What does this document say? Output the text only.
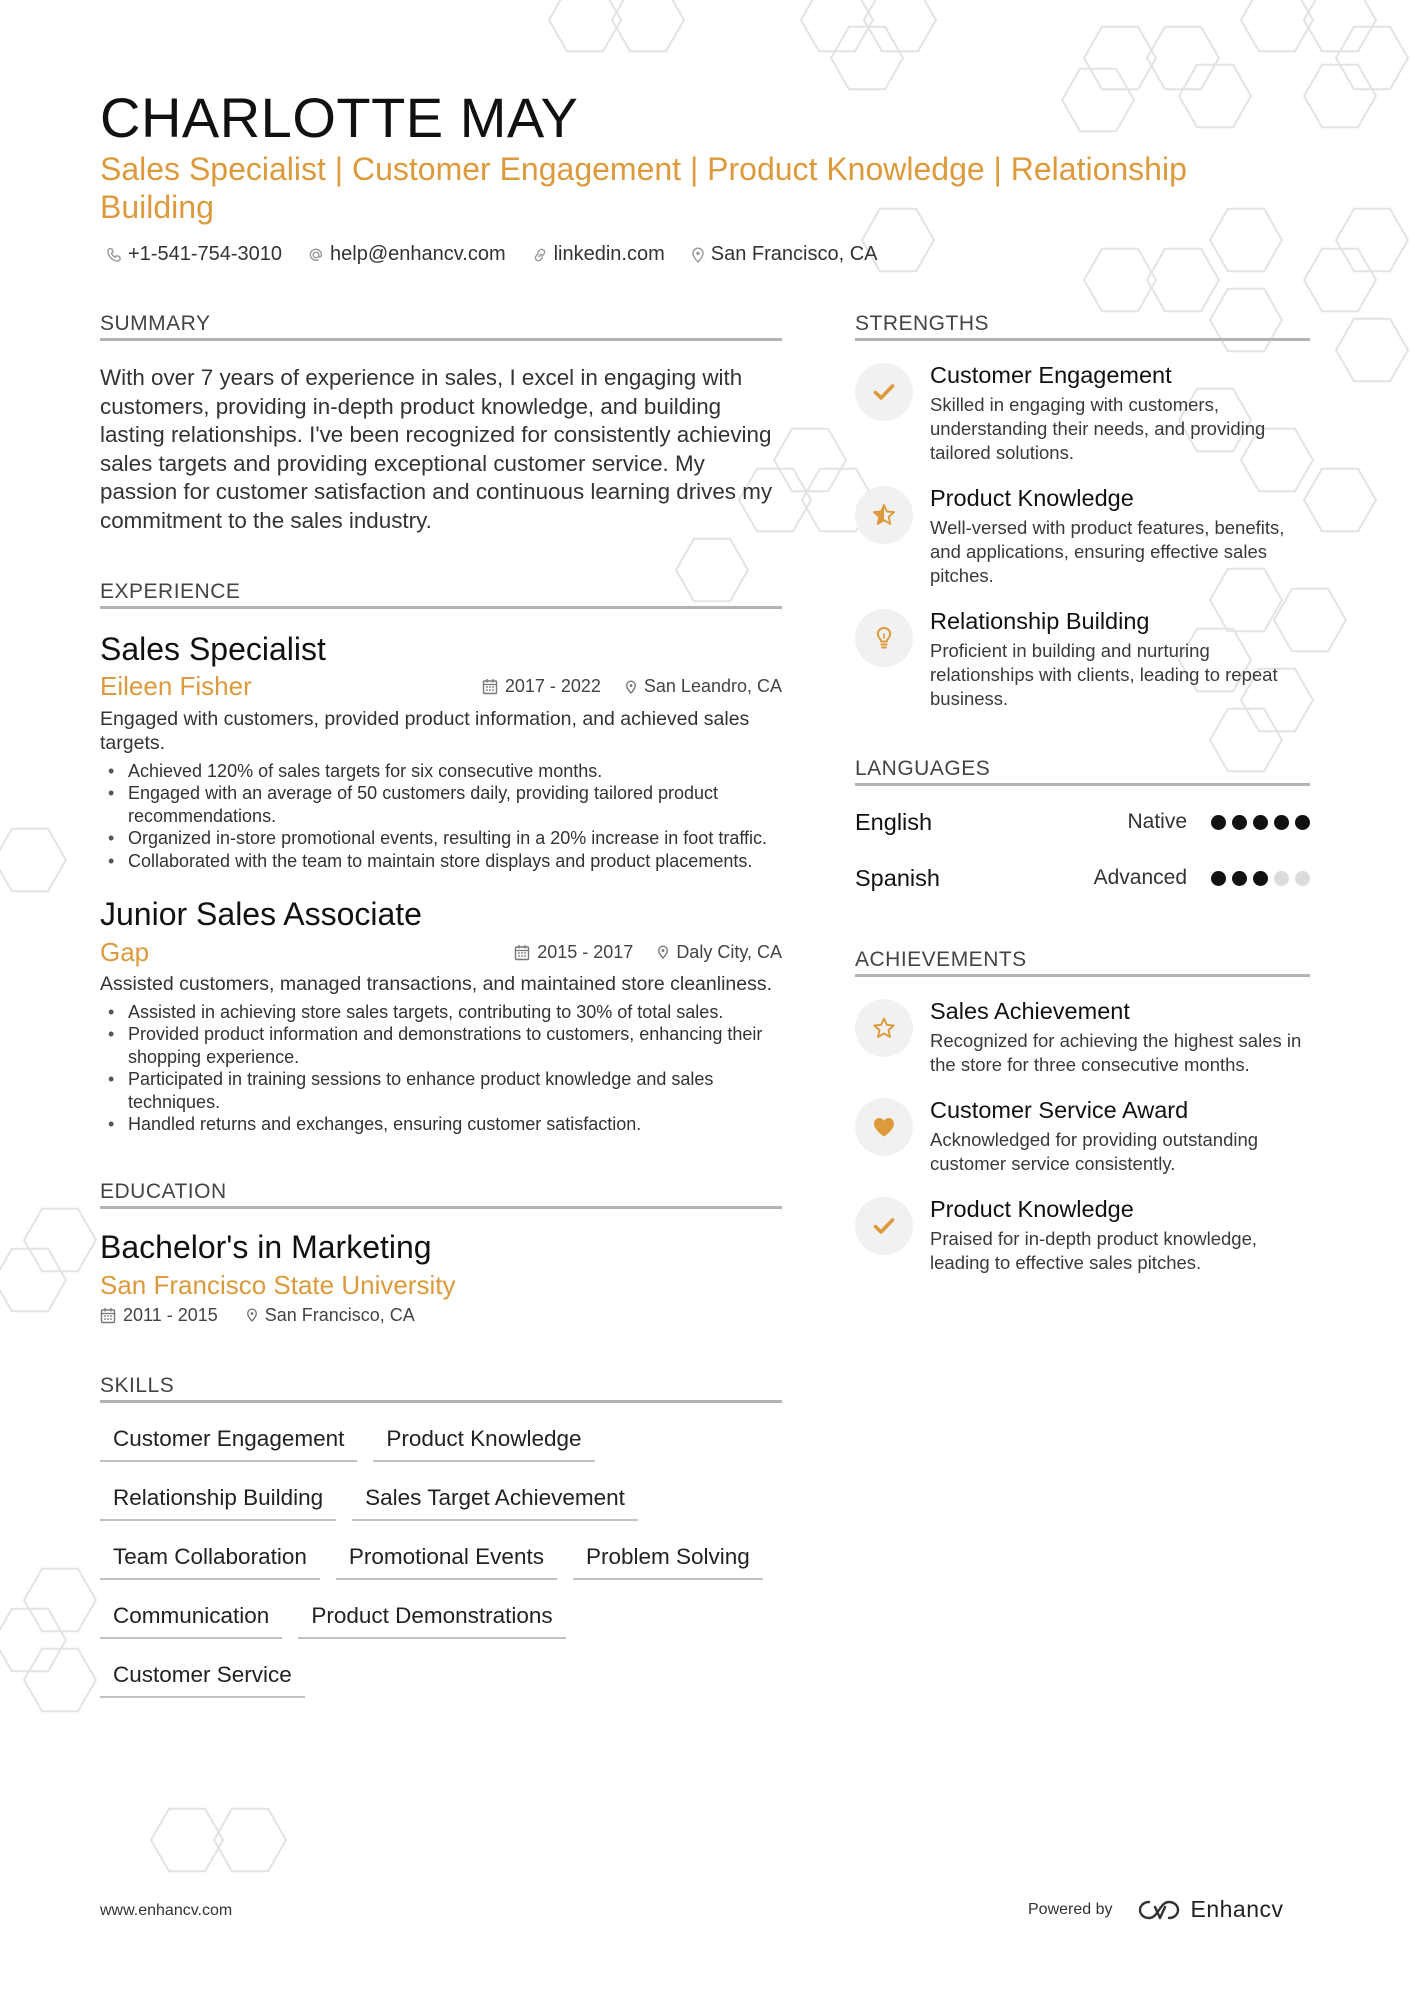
CHARLOTTE MAY
Sales Specialist | Customer Engagement | Product Knowledge | Relationship Building
+1-541-754-3010 help@enhancv.com linkedin.com San Francisco, CA
SUMMARY
With over 7 years of experience in sales, I excel in engaging with customers, providing in-depth product knowledge, and building lasting relationships. I've been recognized for consistently achieving sales targets and providing exceptional customer service. My passion for customer satisfaction and continuous learning drives my commitment to the sales industry.
EXPERIENCE
Sales Specialist
Eileen Fisher	2017 - 2022 San Leandro, CA
Engaged with customers, provided product information, and achieved sales targets.
• Achieved 120% of sales targets for six consecutive months.
• Engaged with an average of 50 customers daily, providing tailored product recommendations.
• Organized in-store promotional events, resulting in a 20% increase in foot traffic.
• Collaborated with the team to maintain store displays and product placements.
Junior Sales Associate
Gap	2015 - 2017 Daly City, CA
Assisted customers, managed transactions, and maintained store cleanliness.
• Assisted in achieving store sales targets, contributing to 30% of total sales.
• Provided product information and demonstrations to customers, enhancing their shopping experience.
• Participated in training sessions to enhance product knowledge and sales techniques.
• Handled returns and exchanges, ensuring customer satisfaction.
EDUCATION
Bachelor's in Marketing
San Francisco State University
2011 - 2015	San Francisco, CA
SKILLS
Customer Engagement	Product Knowledge
Relationship Building	Sales Target Achievement
Team Collaboration	Promotional Events	Problem Solving
Communication	Product Demonstrations
Customer Service
STRENGTHS
Customer Engagement
Skilled in engaging with customers, understanding their needs, and providing tailored solutions.
Product Knowledge
Well-versed with product features, benefits, and applications, ensuring effective sales pitches.
Relationship Building
Proficient in building and nurturing relationships with clients, leading to repeat business.
LANGUAGES
English	Native
Spanish	Advanced
ACHIEVEMENTS
Sales Achievement
Recognized for achieving the highest sales in the store for three consecutive months.
Customer Service Award
Acknowledged for providing outstanding customer service consistently.
Product Knowledge
Praised for in-depth product knowledge, leading to effective sales pitches.
www.enhancv.com	Powered by	Enhancv
